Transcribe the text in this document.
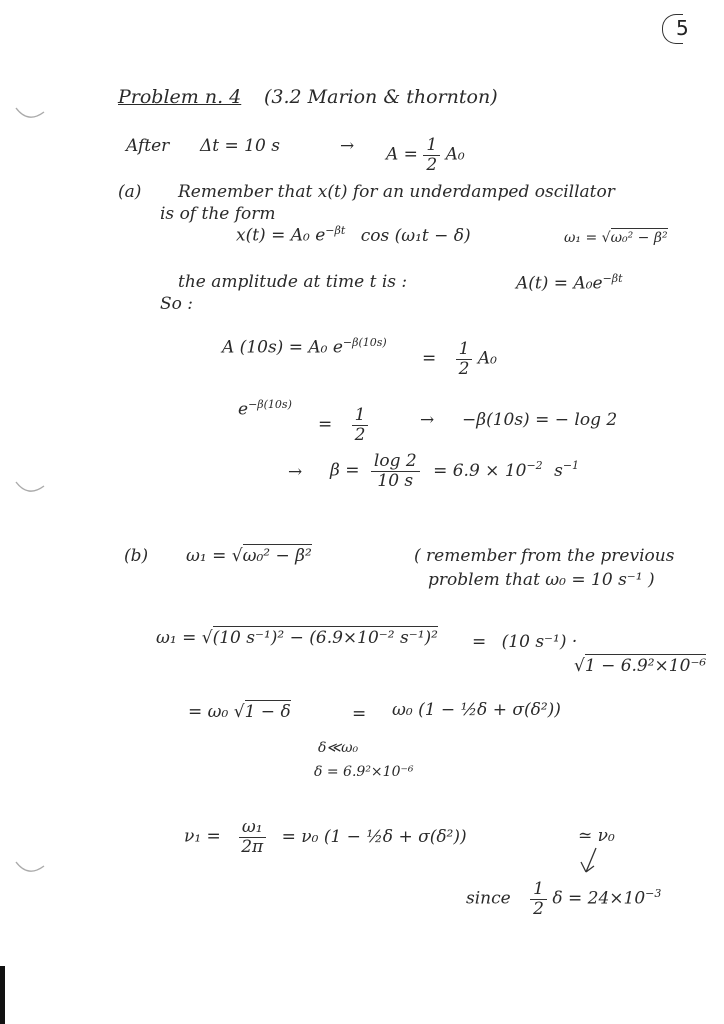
5
Problem n. 4 (3.2 Marion & thornton)
After Δt = 10 s	→ $A = \frac{1}{2} A_0$
(a) Remember that x(t) for an underdamped oscillator
is of the form
x(t) = A₀ $e^{-\beta t}$ cos (ω₁t − δ)	ω₁ = √ω₀² − β²
the amplitude at time t is :	$A(t) = A_0e^{-\beta t}$
So :
A (10s) = A₀ $e^{-\beta(10s)}$
= $\frac{1}{2} A_0$
$e^{-\beta(10s)}$
= $\frac{1}{2}$	→ −β(10s) = − log 2
→ $\beta = \frac{\log 2}{10 s} = 6.9 \times 10^{-2}$ $s^{-1}$
(b) ω₁ = √ω₀² − β²	( remember from the previous
problem that ω₀ = 10 s⁻¹ )
ω₁ = √(10 s⁻¹)² − (6.9×10⁻² s⁻¹)² = (10 s⁻¹) ·
√1 − 6.9²×10⁻⁶
= ω₀ √1 − δ	= ω₀ (1 − ½δ + σ(δ²))
δ≪ω₀
δ = 6.9²×10⁻⁶
$\nu_1 = \frac{\text{ω₁}}{2\pi} = \nu_0$ (1 − ½δ + σ(δ²))	≃ ν₀
since $\frac{1}{2}$ $\delta = 24\times 10^{-3}$
